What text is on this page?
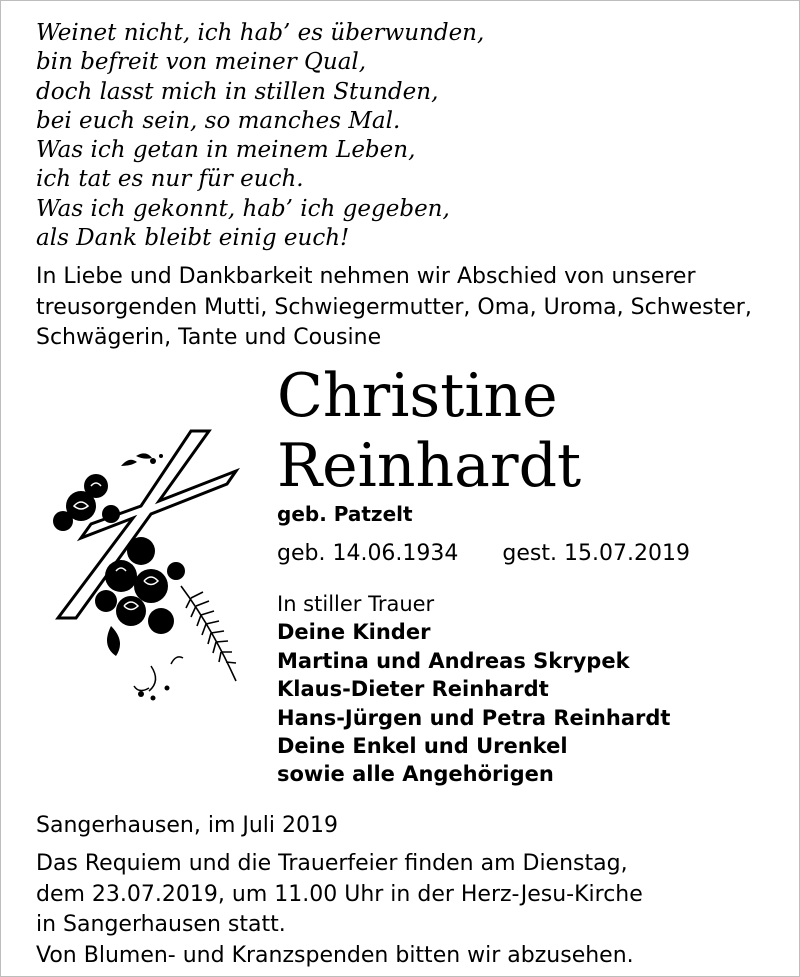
Weinet nicht, ich hab’ es überwunden,
bin befreit von meiner Qual,
doch lasst mich in stillen Stunden,
bei euch sein, so manches Mal.
Was ich getan in meinem Leben,
ich tat es nur für euch.
Was ich gekonnt, hab’ ich gegeben,
als Dank bleibt einig euch!
In Liebe und Dankbarkeit nehmen wir Abschied von unserer
treusorgenden Mutti, Schwiegermutter, Oma, Uroma, Schwester,
Schwägerin, Tante und Cousine
Christine
Reinhardt
geb. Patzelt
geb. 14.06.1934 gest. 15.07.2019
In stiller Trauer
Deine Kinder
Martina und Andreas Skrypek
Klaus-Dieter Reinhardt
Hans-Jürgen und Petra Reinhardt
Deine Enkel und Urenkel
sowie alle Angehörigen
Sangerhausen, im Juli 2019
Das Requiem und die Trauerfeier finden am Dienstag,
dem 23.07.2019, um 11.00 Uhr in der Herz-Jesu-Kirche
in Sangerhausen statt.
Von Blumen- und Kranzspenden bitten wir abzusehen.
